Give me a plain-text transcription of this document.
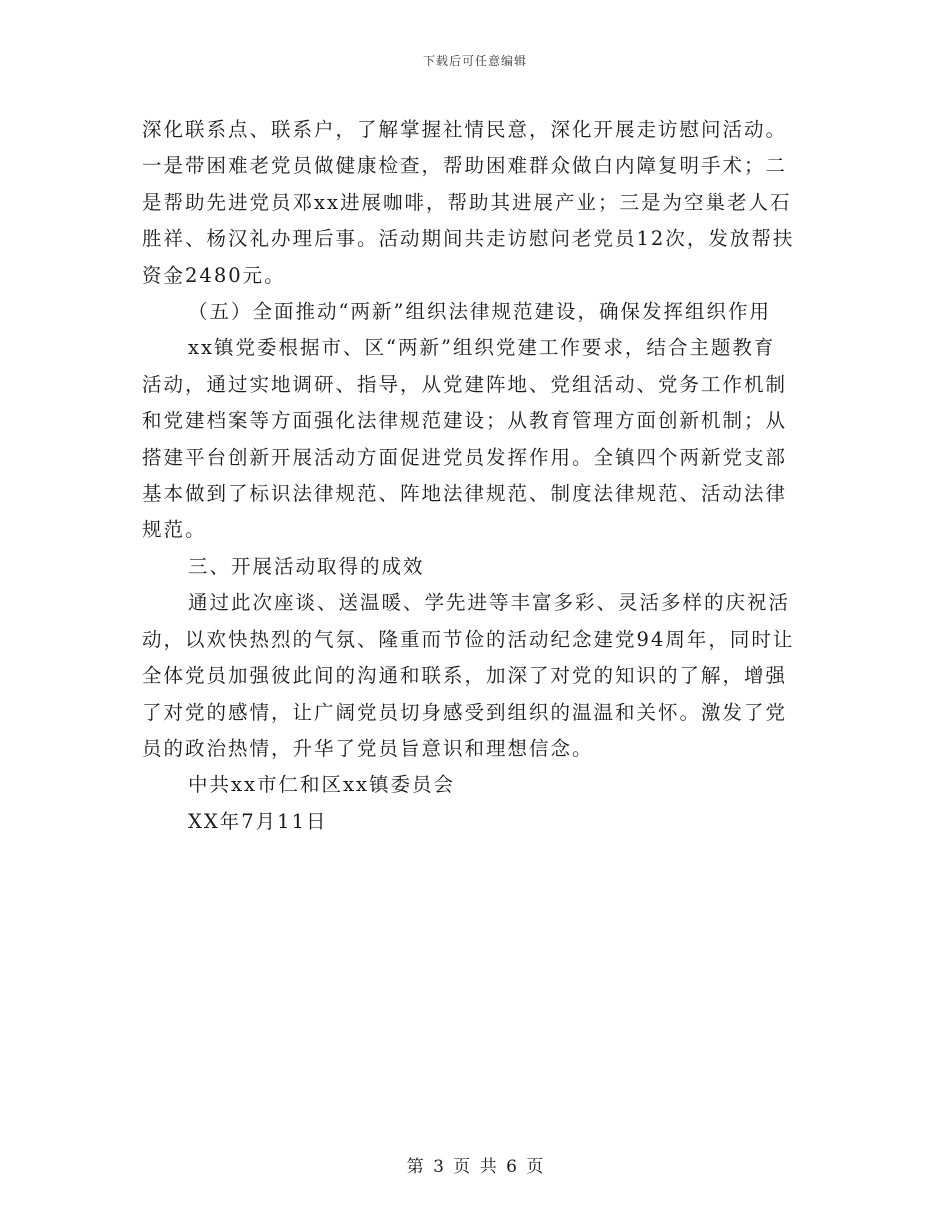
下载后可任意编辑

深化联系点、联系户，了解掌握社情民意，深化开展走访慰问活动。

一是带困难老党员做健康检查，帮助困难群众做白内障复明手术；二

是帮助先进党员邓xx进展咖啡，帮助其进展产业；三是为空巢老人石

胜祥、杨汉礼办理后事。活动期间共走访慰问老党员12次，发放帮扶

资金2480元。

（五）全面推动“两新”组织法律规范建设，确保发挥组织作用

xx镇党委根据市、区“两新”组织党建工作要求，结合主题教育

活动，通过实地调研、指导，从党建阵地、党组活动、党务工作机制

和党建档案等方面强化法律规范建设；从教育管理方面创新机制；从

搭建平台创新开展活动方面促进党员发挥作用。全镇四个两新党支部

基本做到了标识法律规范、阵地法律规范、制度法律规范、活动法律

规范。

三、开展活动取得的成效

通过此次座谈、送温暖、学先进等丰富多彩、灵活多样的庆祝活

动，以欢快热烈的气氛、隆重而节俭的活动纪念建党94周年，同时让

全体党员加强彼此间的沟通和联系，加深了对党的知识的了解，增强

了对党的感情，让广阔党员切身感受到组织的温温和关怀。激发了党

员的政治热情，升华了党员旨意识和理想信念。

中共xx市仁和区xx镇委员会

XX年7月11日

第 3 页 共 6 页
